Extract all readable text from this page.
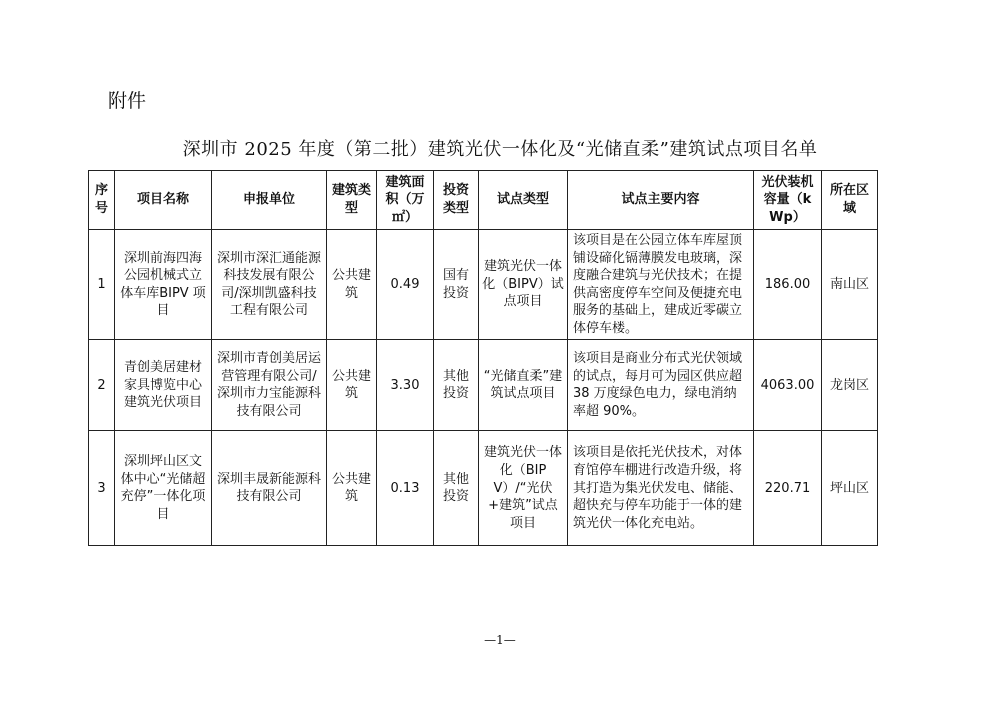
附件
深圳市 2025 年度（第二批）建筑光伏一体化及“光储直柔”建筑试点项目名单
序号	项目名称	申报单位	建筑类型	建筑面积（万㎡）	投资类型	试点类型	试点主要内容	光伏装机容量（kWp）	所在区域
1	深圳前海四海公园机械式立体车库BIPV 项目	深圳市深汇通能源科技发展有限公司/深圳凯盛科技工程有限公司	公共建筑	0.49	国有投资	建筑光伏一体化（BIPV）试点项目	该项目是在公园立体车库屋顶铺设碲化镉薄膜发电玻璃，深度融合建筑与光伏技术；在提供高密度停车空间及便捷充电服务的基础上，建成近零碳立体停车楼。	186.00	南山区
2	青创美居建材家具博览中心建筑光伏项目	深圳市青创美居运营管理有限公司/深圳市力宝能源科技有限公司	公共建筑	3.30	其他投资	“光储直柔”建筑试点项目	该项目是商业分布式光伏领域的试点，每月可为园区供应超 38 万度绿色电力，绿电消纳率超 90%。	4063.00	龙岗区
3	深圳坪山区文体中心“光储超充停”一体化项目	深圳丰晟新能源科技有限公司	公共建筑	0.13	其他投资	建筑光伏一体化（BIPV）/“光伏+建筑”试点项目	该项目是依托光伏技术，对体育馆停车棚进行改造升级，将其打造为集光伏发电、储能、超快充与停车功能于一体的建筑光伏一体化充电站。	220.71	坪山区
—1—
